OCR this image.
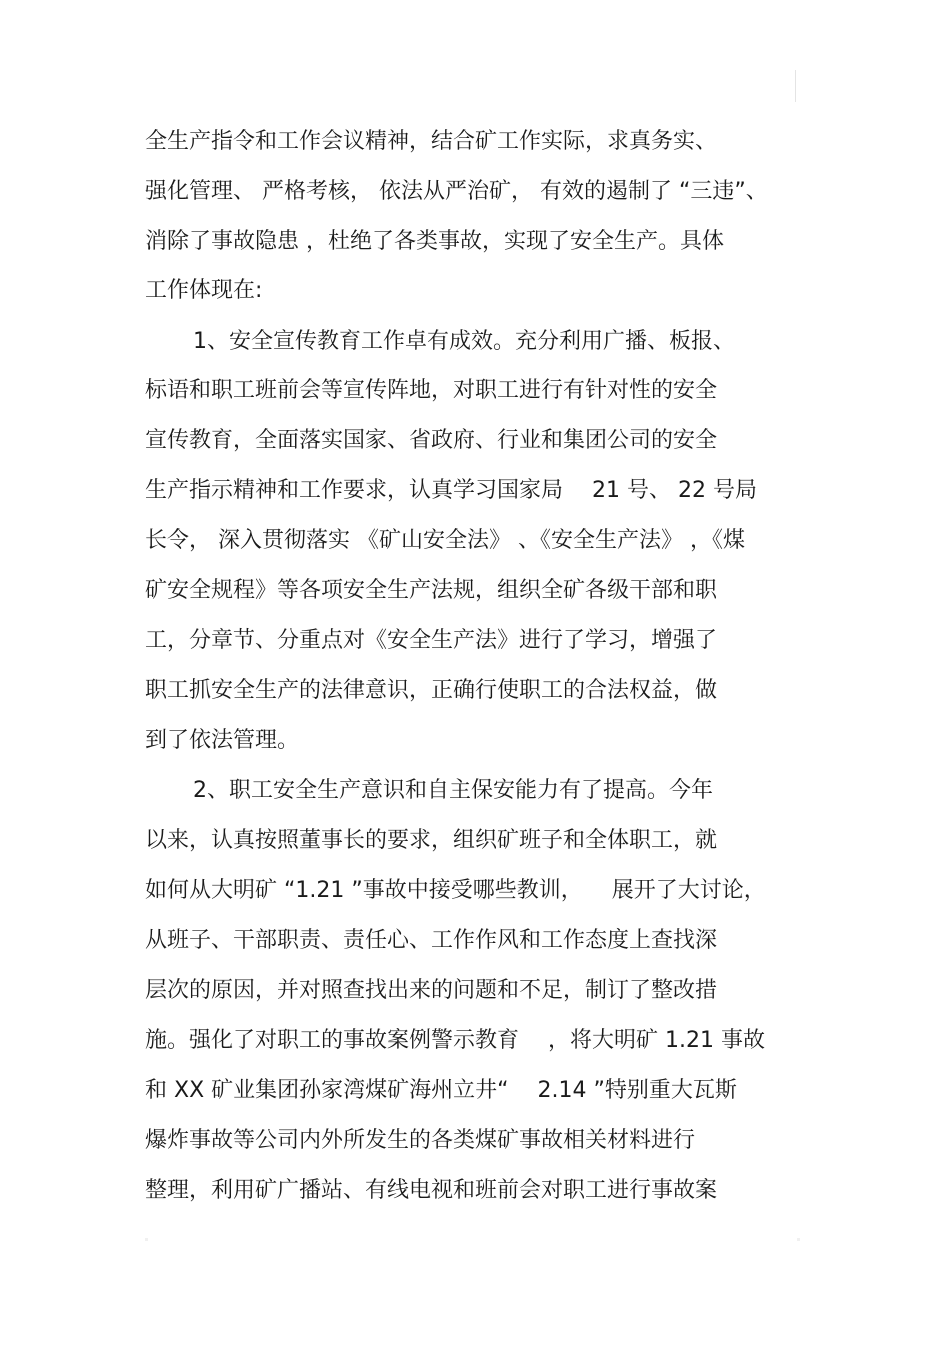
全生产指令和工作会议精神，结合矿工作实际，求真务实、
强化管理、 严格考核， 依法从严治矿， 有效的遏制了 “三违”、
消除了事故隐患 ，杜绝了各类事故，实现了安全生产。具体
工作体现在:
1、安全宣传教育工作卓有成效。充分利用广播、板报、
标语和职工班前会等宣传阵地，对职工进行有针对性的安全
宣传教育，全面落实国家、省政府、行业和集团公司的安全
生产指示精神和工作要求，认真学习国家局 　21 号、 22 号局
长令， 深入贯彻落实 《矿山安全法》 、《安全生产法》 ，《煤
矿安全规程》等各项安全生产法规，组织全矿各级干部和职
工，分章节、分重点对《安全生产法》进行了学习，增强了
职工抓安全生产的法律意识，正确行使职工的合法权益，做
到了依法管理。
2、职工安全生产意识和自主保安能力有了提高。今年
以来，认真按照董事长的要求，组织矿班子和全体职工，就
如何从大明矿 “1.21 ”事故中接受哪些教训， 　展开了大讨论，
从班子、干部职责、责任心、工作作风和工作态度上查找深
层次的原因，并对照查找出来的问题和不足，制订了整改措
施。强化了对职工的事故案例警示教育 　，将大明矿 1.21 事故
和 XX 矿业集团孙家湾煤矿海州立井“ 　2.14 ”特别重大瓦斯
爆炸事故等公司内外所发生的各类煤矿事故相关材料进行
整理，利用矿广播站、有线电视和班前会对职工进行事故案
